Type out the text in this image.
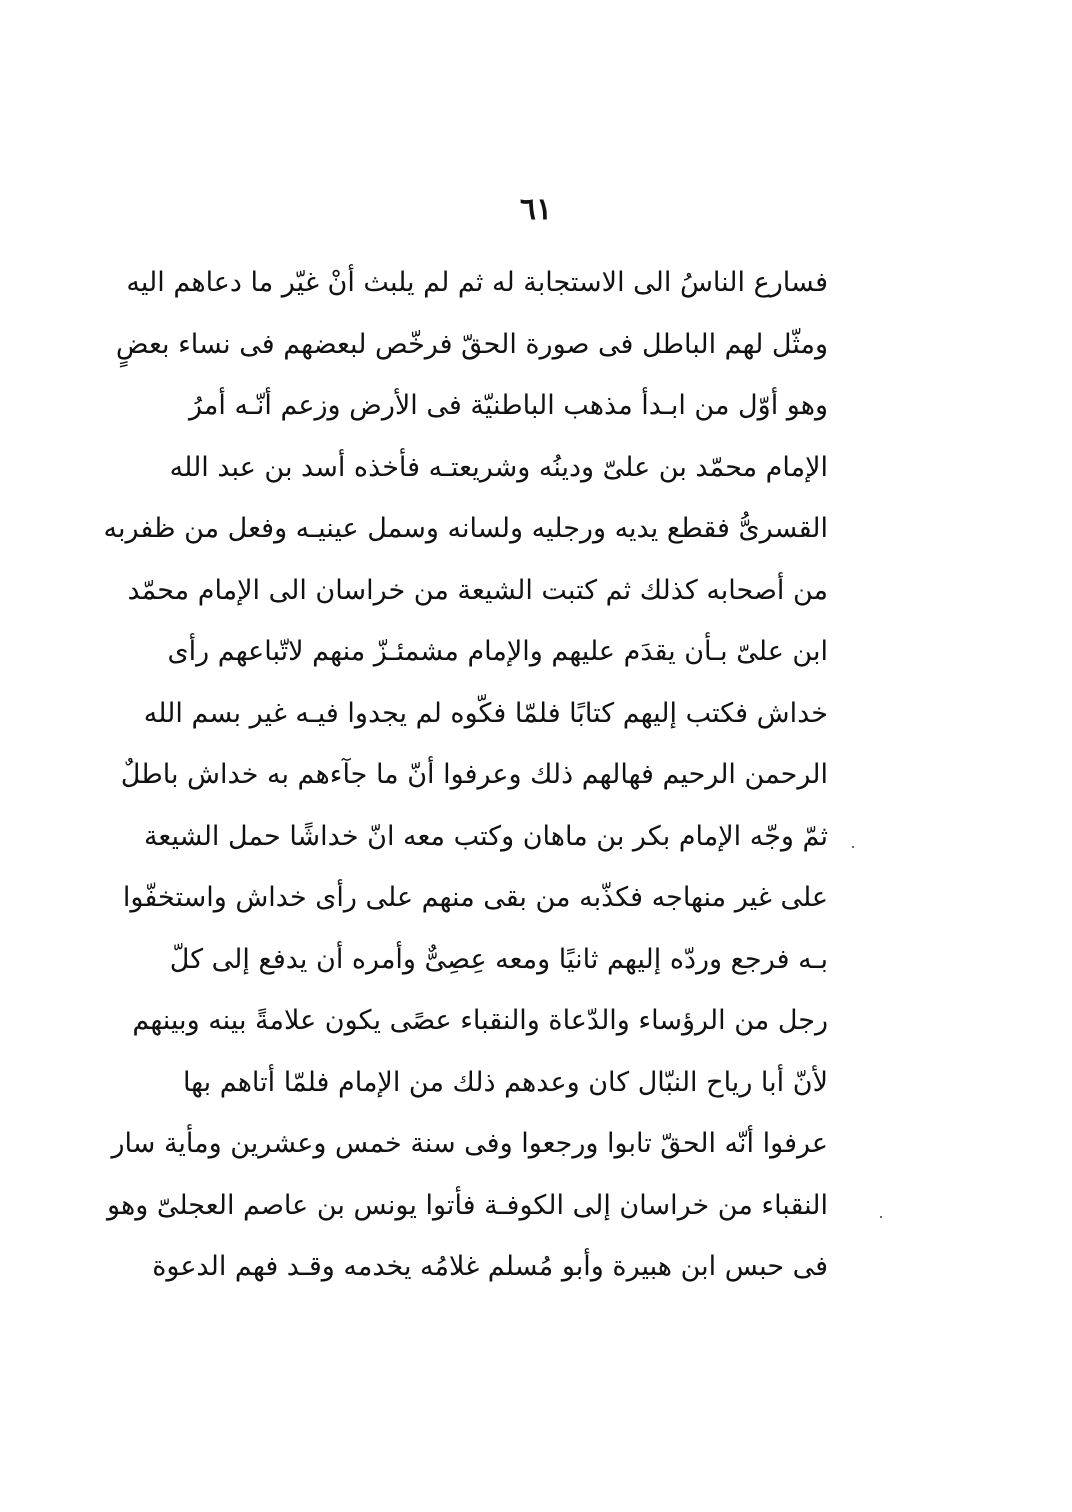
٦١
فسارع الناسُ الى الاستجابة له ثم لم يلبث أنْ غيّر ما دعاهم اليه
ومثّل لهم الباطل فى صورة الحقّ فرخّص لبعضهم فى نساء بعضٍ
وهو أوّل من ابـدأ مذهب الباطنيّة فى الأرض وزعم أنّـه أمرُ
الإمام محمّد بن علىّ ودينُه وشريعتـه فأخذه أسد بن عبد الله
القسرىُّ فقطع يديه ورجليه ولسانه وسمل عينيـه وفعل من ظفربه
من أصحابه كذلك ثم كتبت الشيعة من خراسان الى الإمام محمّد
ابن علىّ بـأن يقدَم عليهم والإمام مشمئـزّ منهم لاتّباعهم رأى
خداش فكتب إليهم كتابًا فلمّا فكّوه لم يجدوا فيـه غير بسم الله
الرحمن الرحيم فهالهم ذلك وعرفوا أنّ ما جآءهم به خداش باطلٌ
ثمّ وجّه الإمام بكر بن ماهان وكتب معه انّ خداشًا حمل الشيعة
على غير منهاجه فكذّبه من بقى منهم على رأى خداش واستخفّوا
بـه فرجع وردّه إليهم ثانيًا ومعه عِصِىٌّ وأمره أن يدفع إلى كلّ
رجل من الرؤساء والدّعاة والنقباء عصًى يكون علامةً بينه وبينهم
لأنّ أبا رياح النبّال كان وعدهم ذلك من الإمام فلمّا أتاهم بها
عرفوا أنّه الحقّ تابوا ورجعوا وفى سنة خمس وعشرين ومأية سار
النقباء من خراسان إلى الكوفـة فأتوا يونس بن عاصم العجلىّ وهو
فى حبس ابن هبيرة وأبو مُسلم غلامُه يخدمه وقـد فهم الدعوة
